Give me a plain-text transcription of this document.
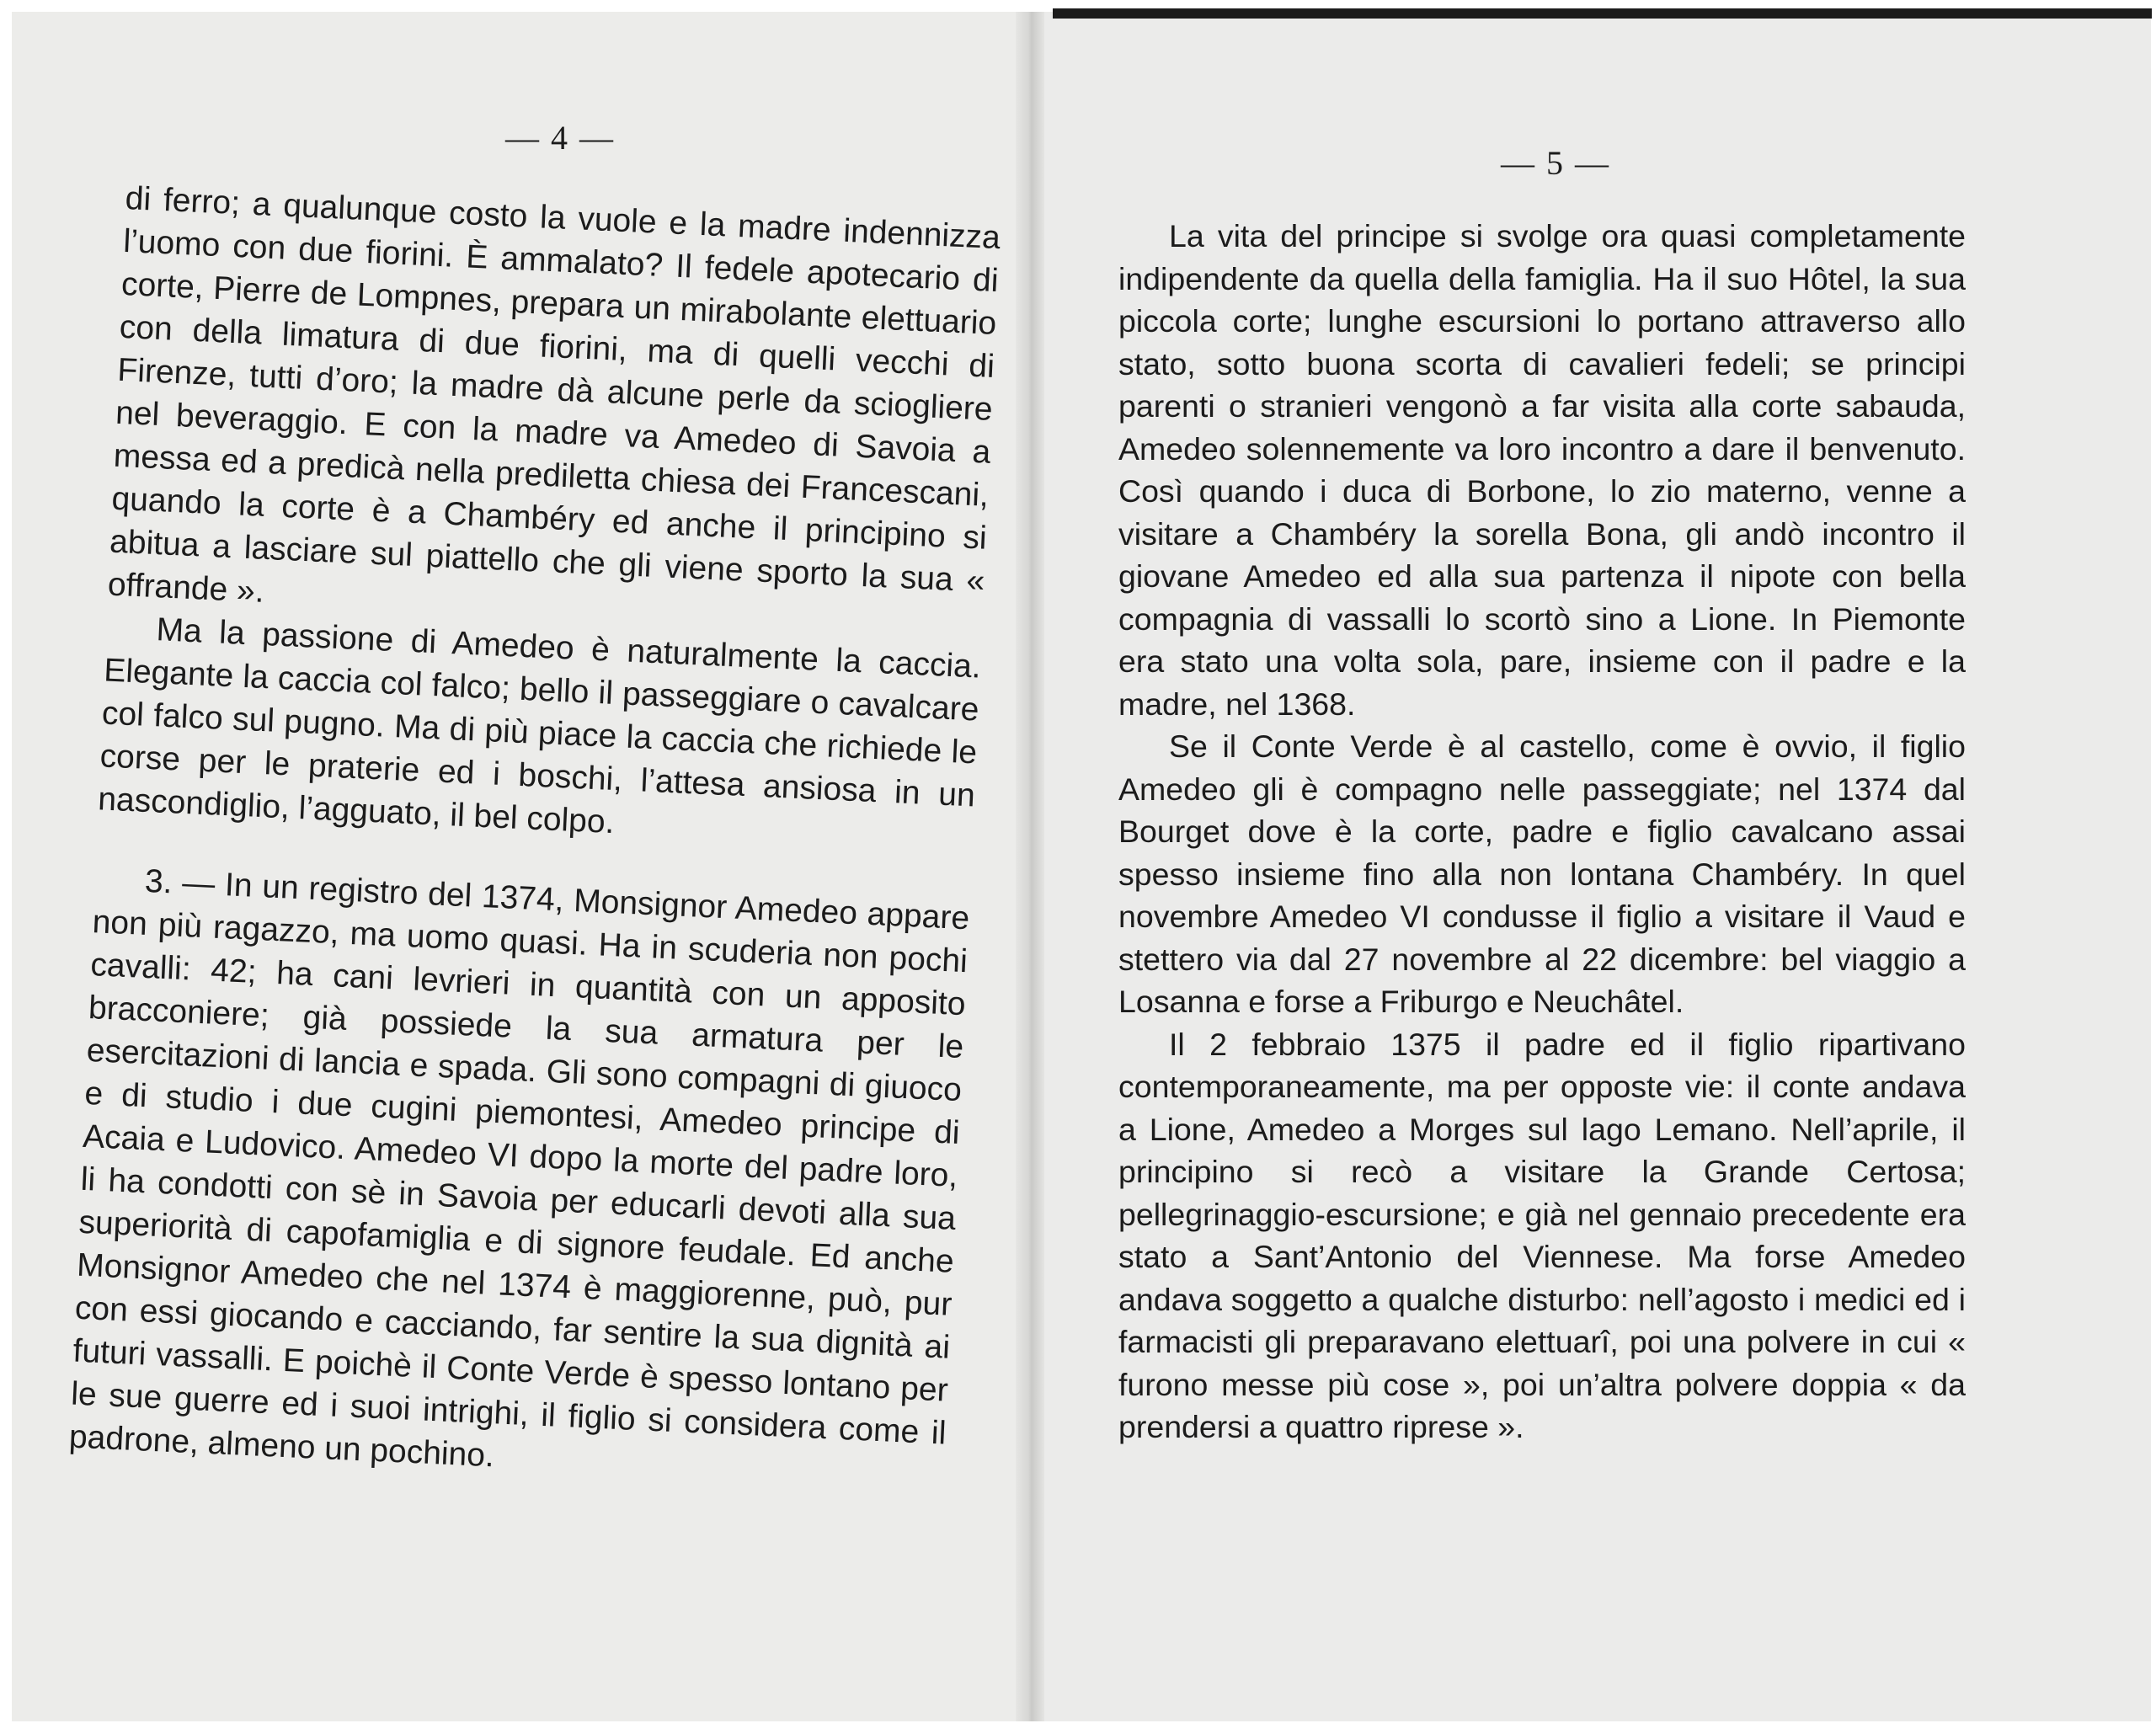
— 4 —

di ferro; a qualunque costo la vuole e la madre indennizza l’uomo con due fiorini. È ammalato? Il fedele apotecario di corte, Pierre de Lompnes, prepara un mirabolante elettuario con della limatura di due fiorini, ma di quelli vecchi di Firenze, tutti d’oro; la madre dà alcune perle da sciogliere nel beveraggio. E con la madre va Amedeo di Savoia a messa ed a predicà nella prediletta chiesa dei Francescani, quando la corte è a Chambéry ed anche il principino si abitua a lasciare sul piattello che gli viene sporto la sua « offrande ».

Ma la passione di Amedeo è naturalmente la caccia. Elegante la caccia col falco; bello il passeggiare o cavalcare col falco sul pugno. Ma di più piace la caccia che richiede le corse per le praterie ed i boschi, l’attesa ansiosa in un nascondiglio, l’agguato, il bel colpo.

3. — In un registro del 1374, Monsignor Amedeo appare non più ragazzo, ma uomo quasi. Ha in scuderia non pochi cavalli: 42; ha cani levrieri in quantità con un apposito bracconiere; già possiede la sua armatura per le esercitazioni di lancia e spada. Gli sono compagni di giuoco e di studio i due cugini piemontesi, Amedeo principe di Acaia e Ludovico. Amedeo VI dopo la morte del padre loro, li ha condotti con sè in Savoia per educarli devoti alla sua superiorità di capofamiglia e di signore feudale. Ed anche Monsignor Amedeo che nel 1374 è maggiorenne, può, pur con essi giocando e cacciando, far sentire la sua dignità ai futuri vassalli. E poichè il Conte Verde è spesso lontano per le sue guerre ed i suoi intrighi, il figlio si considera come il padrone, almeno un pochino.

— 5 —

La vita del principe si svolge ora quasi completamente indipendente da quella della famiglia. Ha il suo Hôtel, la sua piccola corte; lunghe escursioni lo portano attraverso allo stato, sotto buona scorta di cavalieri fedeli; se principi parenti o stranieri vengonò a far visita alla corte sabauda, Amedeo solennemente va loro incontro a dare il benvenuto. Così quando i duca di Borbone, lo zio materno, venne a visitare a Chambéry la sorella Bona, gli andò incontro il giovane Amedeo ed alla sua partenza il nipote con bella compagnia di vassalli lo scortò sino a Lione. In Piemonte era stato una volta sola, pare, insieme con il padre e la madre, nel 1368.

Se il Conte Verde è al castello, come è ovvio, il figlio Amedeo gli è compagno nelle passeggiate; nel 1374 dal Bourget dove è la corte, padre e figlio cavalcano assai spesso insieme fino alla non lontana Chambéry. In quel novembre Amedeo VI condusse il figlio a visitare il Vaud e stettero via dal 27 novembre al 22 dicembre: bel viaggio a Losanna e forse a Friburgo e Neuchâtel.

Il 2 febbraio 1375 il padre ed il figlio ripartivano contemporaneamente, ma per opposte vie: il conte andava a Lione, Amedeo a Morges sul lago Lemano. Nell’aprile, il principino si recò a visitare la Grande Certosa; pellegrinaggio-escursione; e già nel gennaio precedente era stato a Sant’Antonio del Viennese. Ma forse Amedeo andava soggetto a qualche disturbo: nell’agosto i medici ed i farmacisti gli preparavano elettuarî, poi una polvere in cui « furono messe più cose », poi un’altra polvere doppia « da prendersi a quattro riprese ».
